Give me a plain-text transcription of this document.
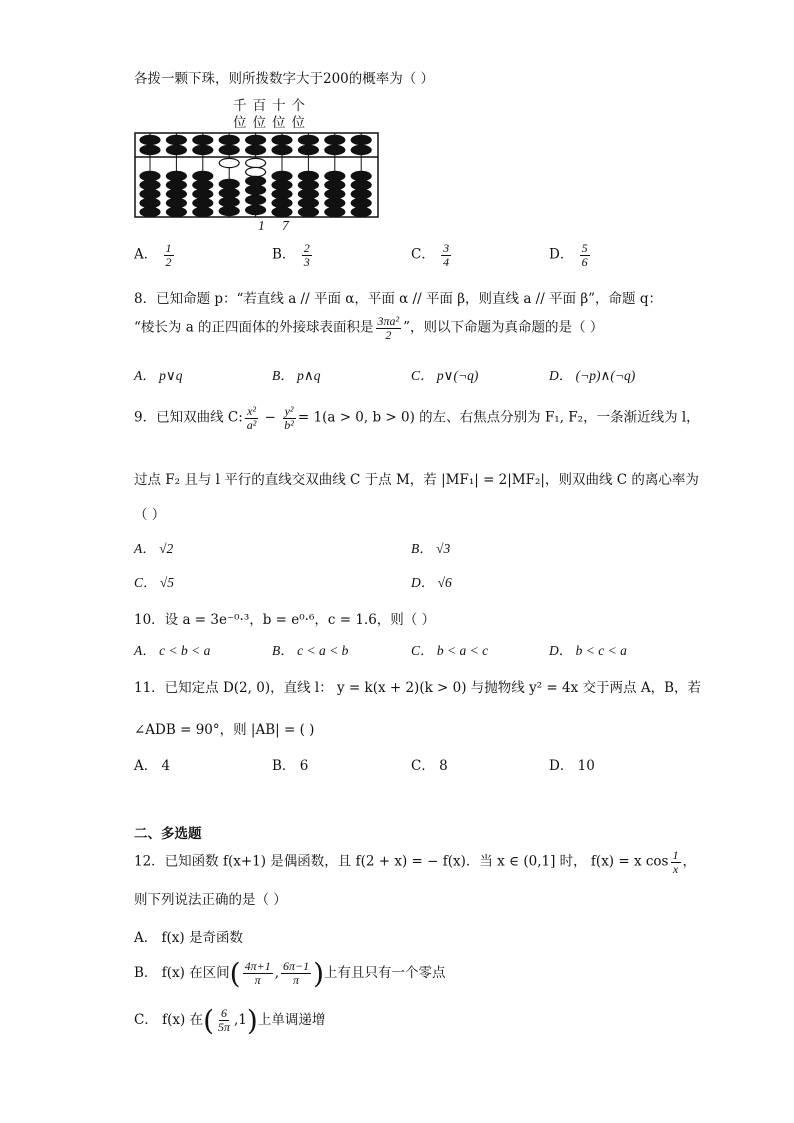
各拨一颗下珠，则所拨数字大于200的概率为（ ）
千百十个
位位位位
1 7
A． $\frac{1}{2}$	B． $\frac{2}{3}$	C． $\frac{3}{4}$	D． $\frac{5}{6}$
8．已知命题 p：“若直线 a // 平面 α，平面 α // 平面 β，则直线 a // 平面 β”，命题 q：
“棱长为 a 的正四面体的外接球表面积是 $\frac{\text{3πa²}}{2}$ ”，则以下命题为真命题的是（ ）
A． p∨q	B． p∧q	C． p∨(¬q)	D． (¬p)∧(¬q)
9．已知双曲线 C: $\frac{\text{x²}}{\text{a²}} - \frac{\text{y²}}{\text{b²}} = 1(a > 0$, b > 0) 的左、右焦点分别为 F₁, F₂，一条渐近线为 l，
过点 F₂ 且与 l 平行的直线交双曲线 C 于点 M，若 |MF₁| = 2|MF₂|，则双曲线 C 的离心率为
（ ）
A． √2	B． √3
C． √5	D． √6
10．设 a = 3e⁻⁰·³，b = e⁰·⁶，c = 1.6，则（ ）
A． c < b < a	B． c < a < b	C． b < a < c	D． b < c < a
11．已知定点 D(2, 0)，直线 l： y = k(x + 2)(k > 0) 与抛物线 y² = 4x 交于两点 A，B，若
∠ADB = 90°，则 |AB| = ( )
A． 4	B． 6	C． 8	D． 10
二、多选题
12．已知函数 f(x+1) 是偶函数，且 f(2 + x) = − f(x)．当 x ∈ (0,1] 时， f(x) = x $\cos \frac{1}{x}$ ，
则下列说法正确的是（ ）
A． f(x) 是奇函数
B． f(x) 在区间( $\frac{4\pi+1}{\pi}$ , $\frac{6\pi-1}{\pi}$ )上有且只有一个零点
C． f(x) 在( $\frac{6}{5\pi} ,1$)上单调递增
